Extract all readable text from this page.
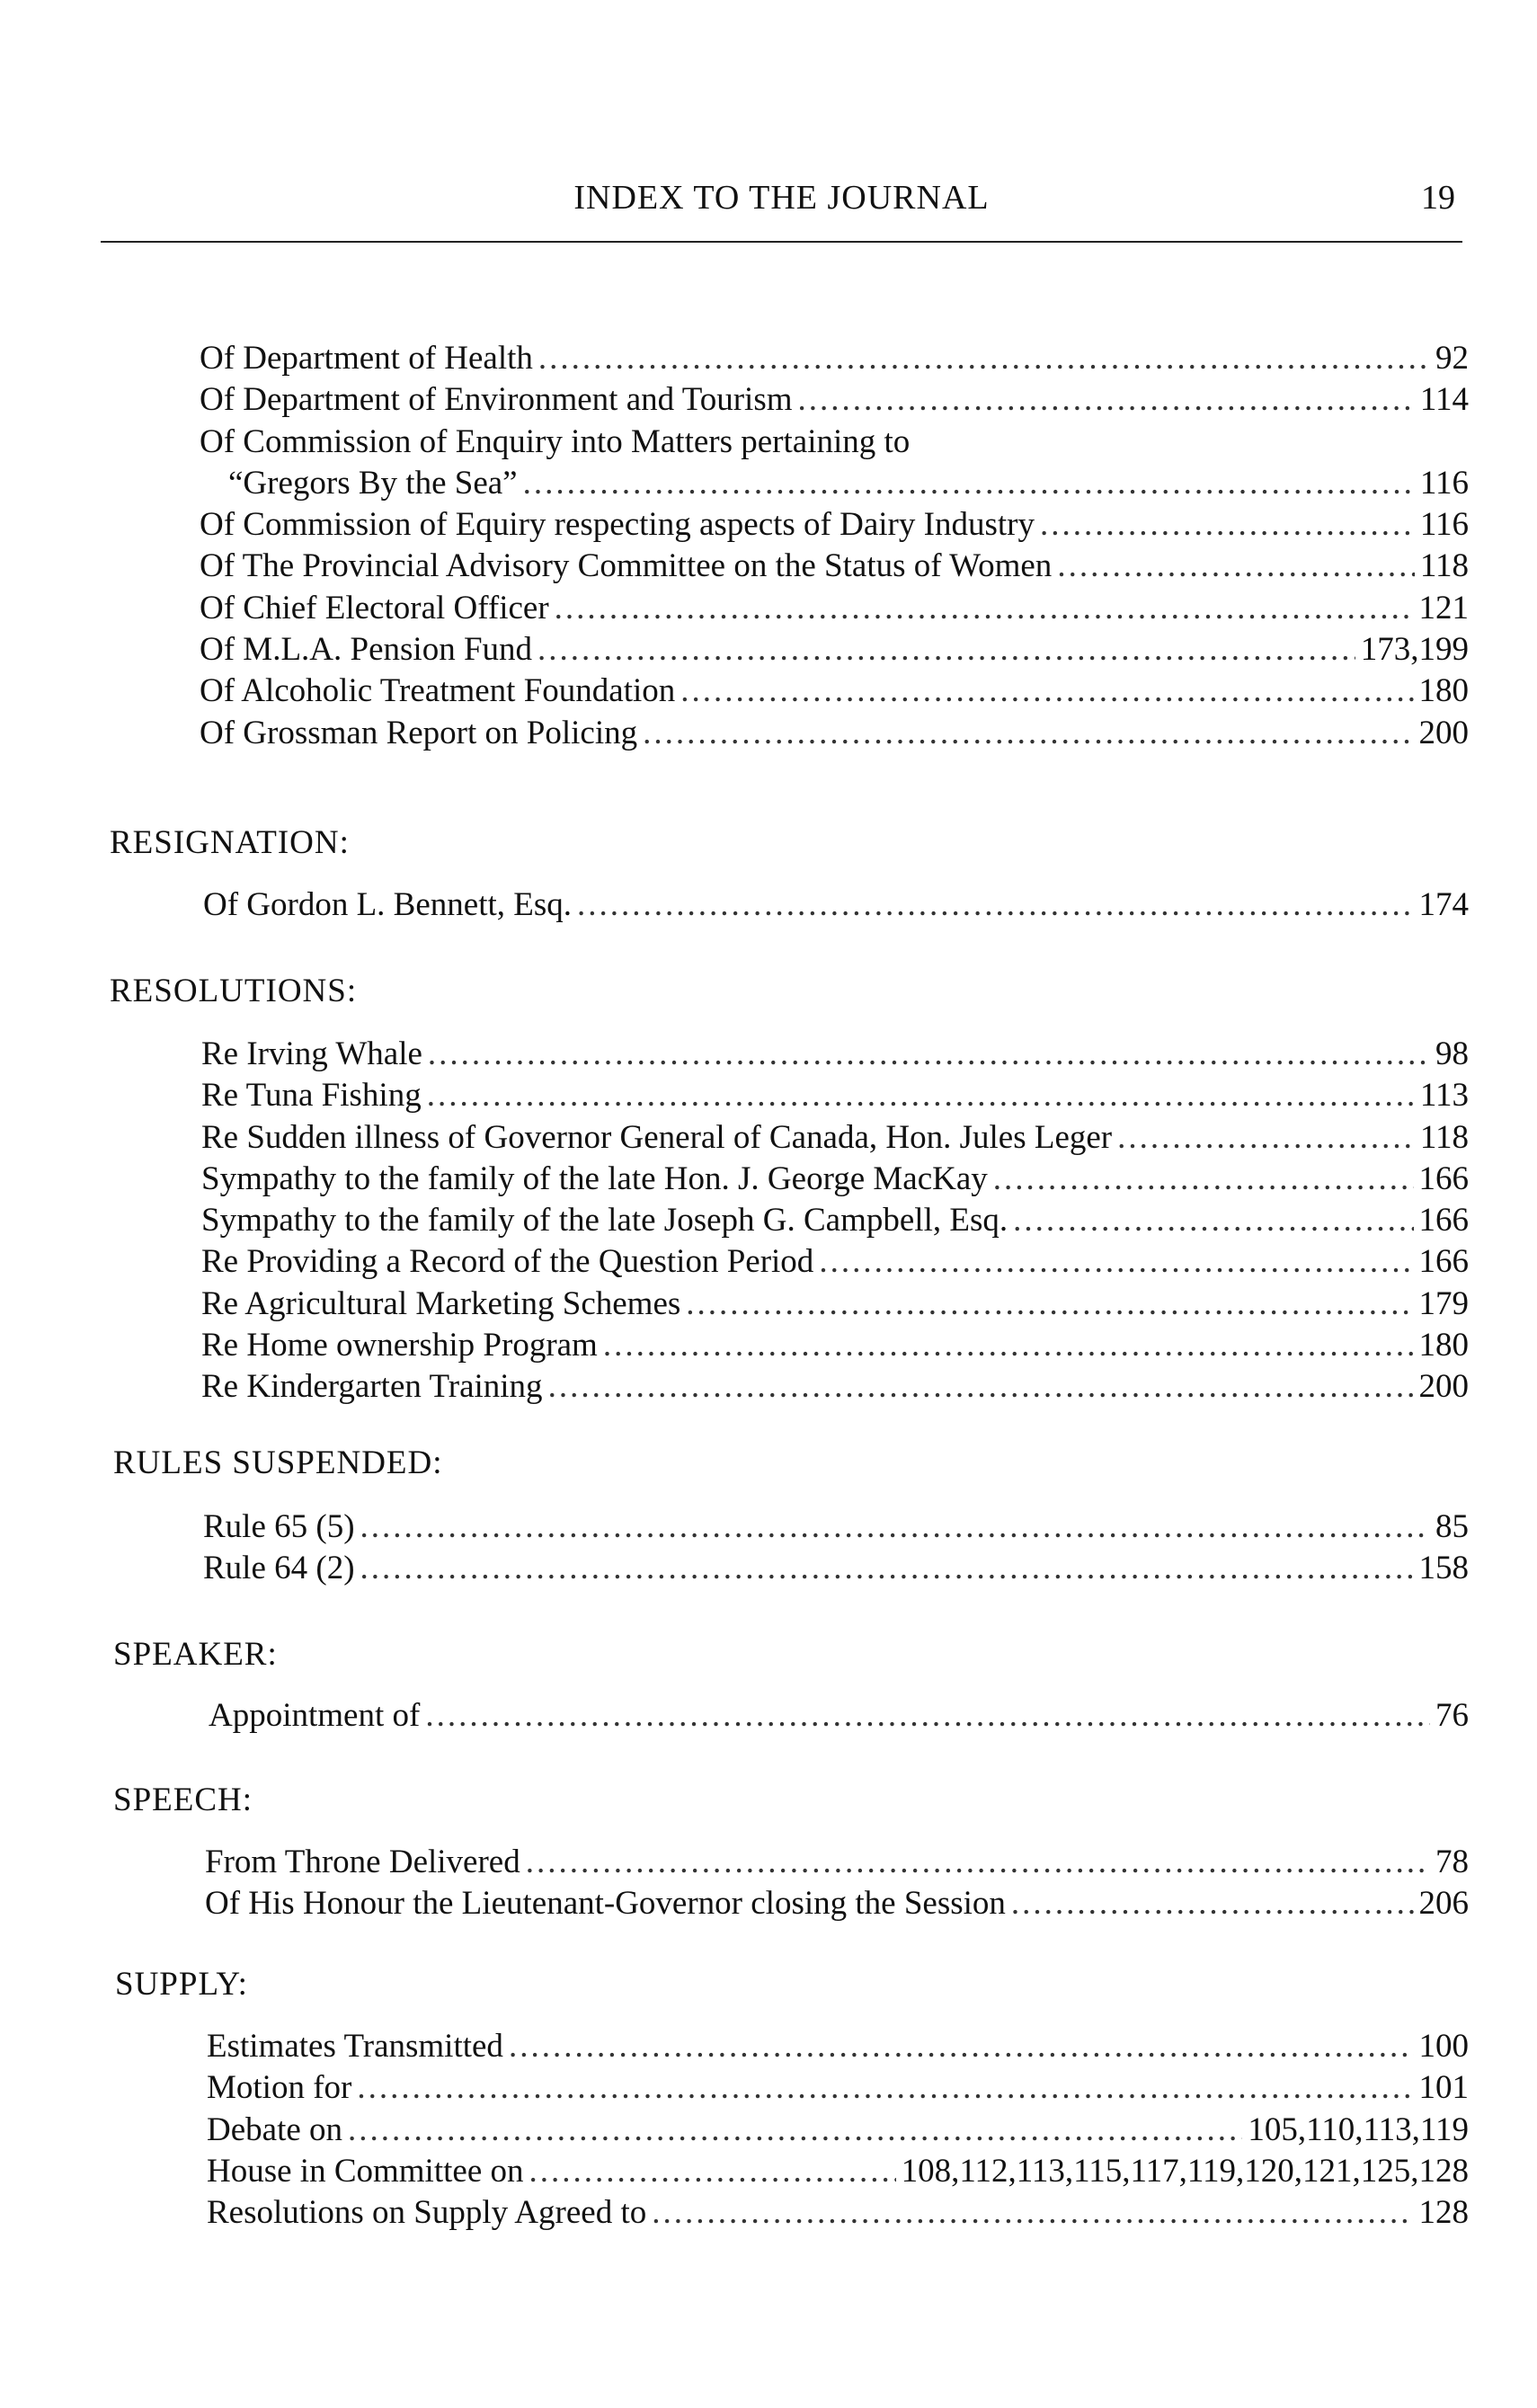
INDEX TO THE JOURNAL	19
Of Department of Health .....	92
Of Department of Environment and Tourism .....	114
Of Commission of Enquiry into Matters pertaining to
“Gregors By the Sea” .....	116
Of Commission of Equiry respecting aspects of Dairy Industry .....	116
Of The Provincial Advisory Committee on the Status of Women .....	118
Of Chief Electoral Officer .....	121
Of M.L.A. Pension Fund .....	173,199
Of Alcoholic Treatment Foundation .....	180
Of Grossman Report on Policing .....	200
RESIGNATION:
Of Gordon L. Bennett, Esq. .....	174
RESOLUTIONS:
Re Irving Whale .....	98
Re Tuna Fishing .....	113
Re Sudden illness of Governor General of Canada, Hon. Jules Leger .....	118
Sympathy to the family of the late Hon. J. George MacKay .....	166
Sympathy to the family of the late Joseph G. Campbell, Esq. .....	166
Re Providing a Record of the Question Period .....	166
Re Agricultural Marketing Schemes .....	179
Re Home ownership Program .....	180
Re Kindergarten Training .....	200
RULES SUSPENDED:
Rule 65 (5) .....	85
Rule 64 (2) .....	158
SPEAKER:
Appointment of .....	76
SPEECH:
From Throne Delivered .....	78
Of His Honour the Lieutenant-Governor closing the Session .....	206
SUPPLY:
Estimates Transmitted .....	100
Motion for .....	101
Debate on .....	105,110,113,119
House in Committee on .....	108,112,113,115,117,119,120,121,125,128
Resolutions on Supply Agreed to .....	128
